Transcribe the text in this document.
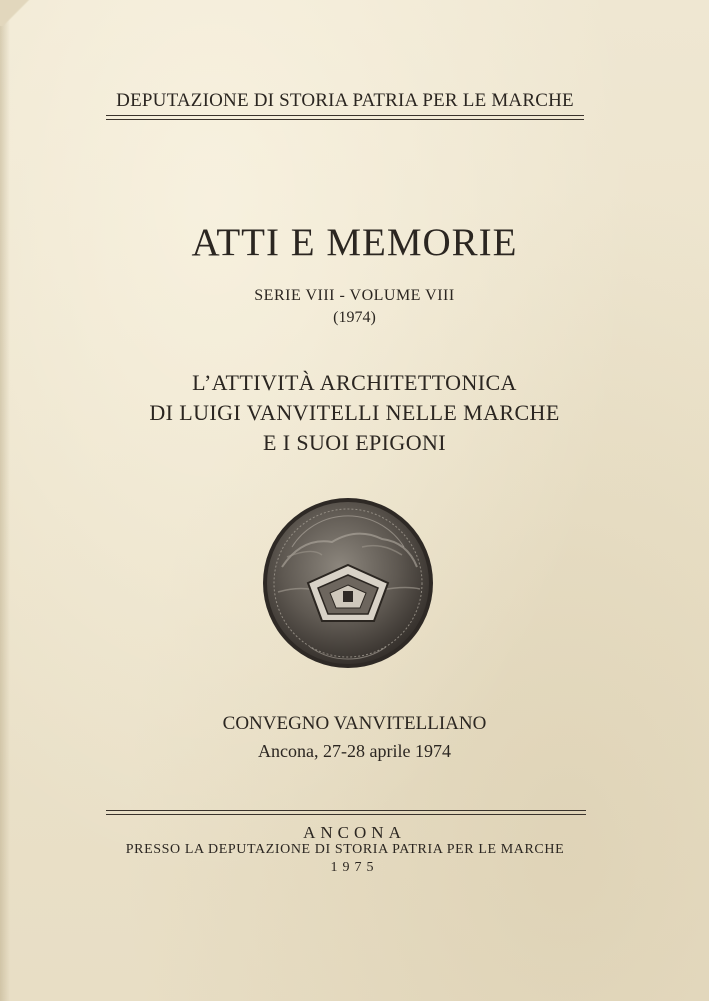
DEPUTAZIONE DI STORIA PATRIA PER LE MARCHE
ATTI E MEMORIE
SERIE VIII - VOLUME VIII
(1974)
L’ATTIVITÀ ARCHITETTONICA
DI LUIGI VANVITELLI NELLE MARCHE
E I SUOI EPIGONI
CONVEGNO VANVITELLIANO
Ancona, 27-28 aprile 1974
ANCONA
PRESSO LA DEPUTAZIONE DI STORIA PATRIA PER LE MARCHE
1975
